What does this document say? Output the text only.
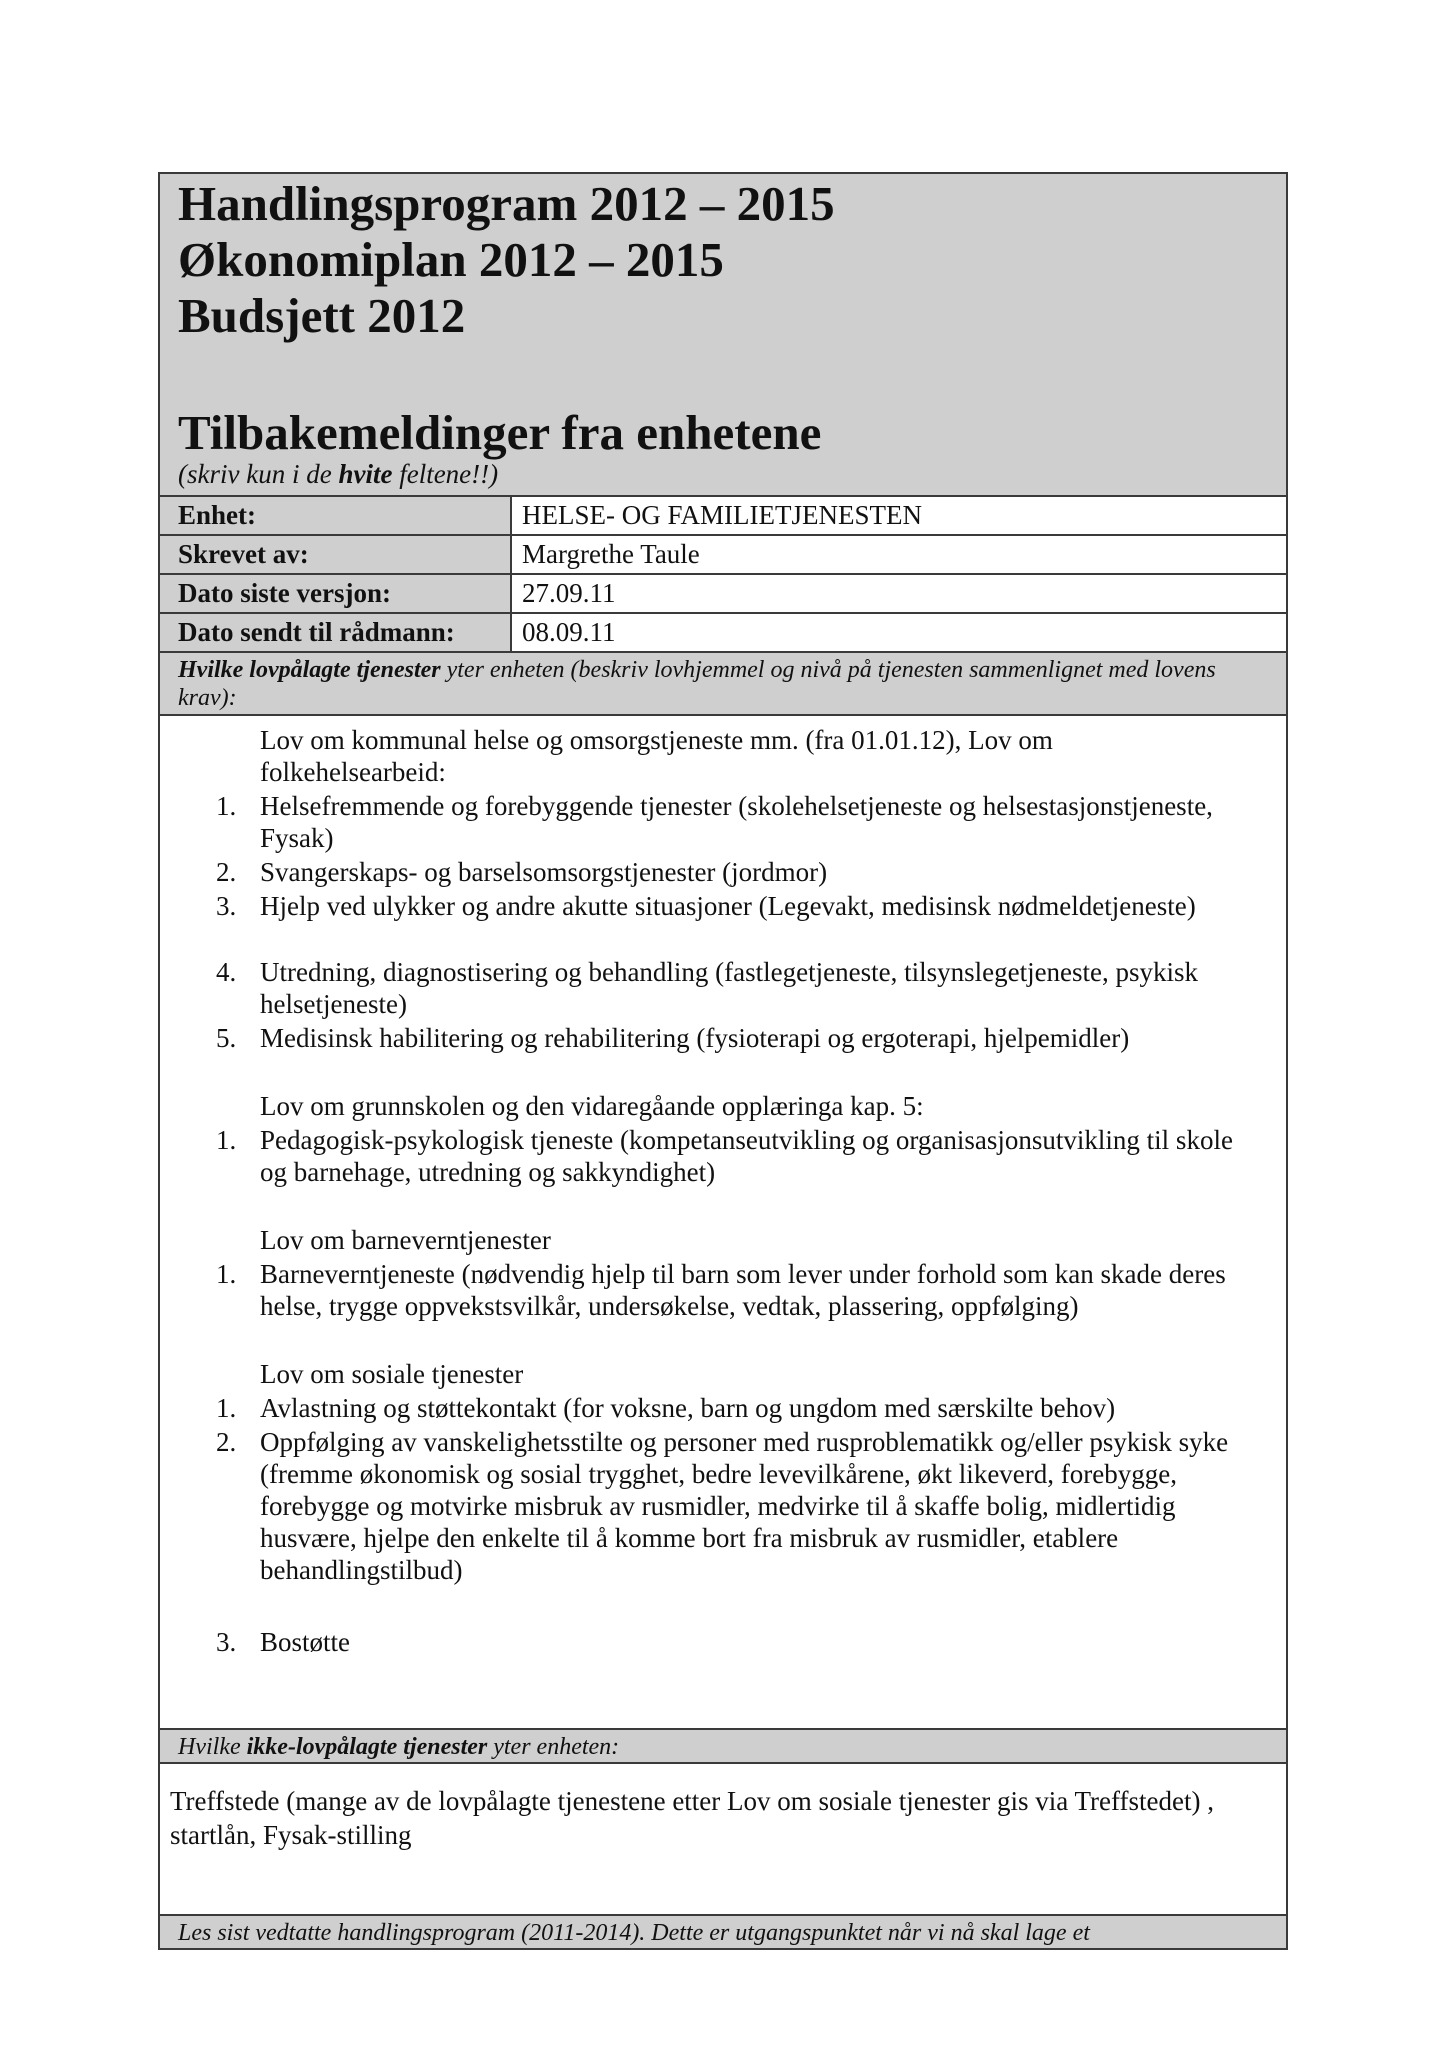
Handlingsprogram 2012 – 2015
Økonomiplan 2012 – 2015
Budsjett 2012
Tilbakemeldinger fra enhetene
(skriv kun i de hvite feltene!!)
Enhet:	HELSE- OG FAMILIETJENESTEN
Skrevet av:	Margrethe Taule
Dato siste versjon:	27.09.11
Dato sendt til rådmann:	08.09.11
Hvilke lovpålagte tjenester yter enheten (beskriv lovhjemmel og nivå på tjenesten sammenlignet med lovens krav):
Lov om kommunal helse og omsorgstjeneste mm. (fra 01.01.12), Lov om folkehelsearbeid:
1. Helsefremmende og forebyggende tjenester (skolehelsetjeneste og helsestasjonstjeneste, Fysak)
2. Svangerskaps- og barselsomsorgstjenester (jordmor)
3. Hjelp ved ulykker og andre akutte situasjoner (Legevakt, medisinsk nødmeldetjeneste)
4. Utredning, diagnostisering og behandling (fastlegetjeneste, tilsynslegetjeneste, psykisk helsetjeneste)
5. Medisinsk habilitering og rehabilitering (fysioterapi og ergoterapi, hjelpemidler)
Lov om grunnskolen og den vidaregåande opplæringa kap. 5:
1. Pedagogisk-psykologisk tjeneste (kompetanseutvikling og organisasjonsutvikling til skole og barnehage, utredning og sakkyndighet)
Lov om barneverntjenester
1. Barneverntjeneste (nødvendig hjelp til barn som lever under forhold som kan skade deres helse, trygge oppvekstsvilkår, undersøkelse, vedtak, plassering, oppfølging)
Lov om sosiale tjenester
1. Avlastning og støttekontakt (for voksne, barn og ungdom med særskilte behov)
2. Oppfølging av vanskelighetsstilte og personer med rusproblematikk og/eller psykisk syke (fremme økonomisk og sosial trygghet, bedre levevilkårene, økt likeverd, forebygge, forebygge og motvirke misbruk av rusmidler, medvirke til å skaffe bolig, midlertidig husvære, hjelpe den enkelte til å komme bort fra misbruk av rusmidler, etablere behandlingstilbud)
3. Bostøtte
Hvilke ikke-lovpålagte tjenester yter enheten:
Treffstede (mange av de lovpålagte tjenestene etter Lov om sosiale tjenester gis via Treffstedet) , startlån, Fysak-stilling
Les sist vedtatte handlingsprogram (2011-2014). Dette er utgangspunktet når vi nå skal lage et
